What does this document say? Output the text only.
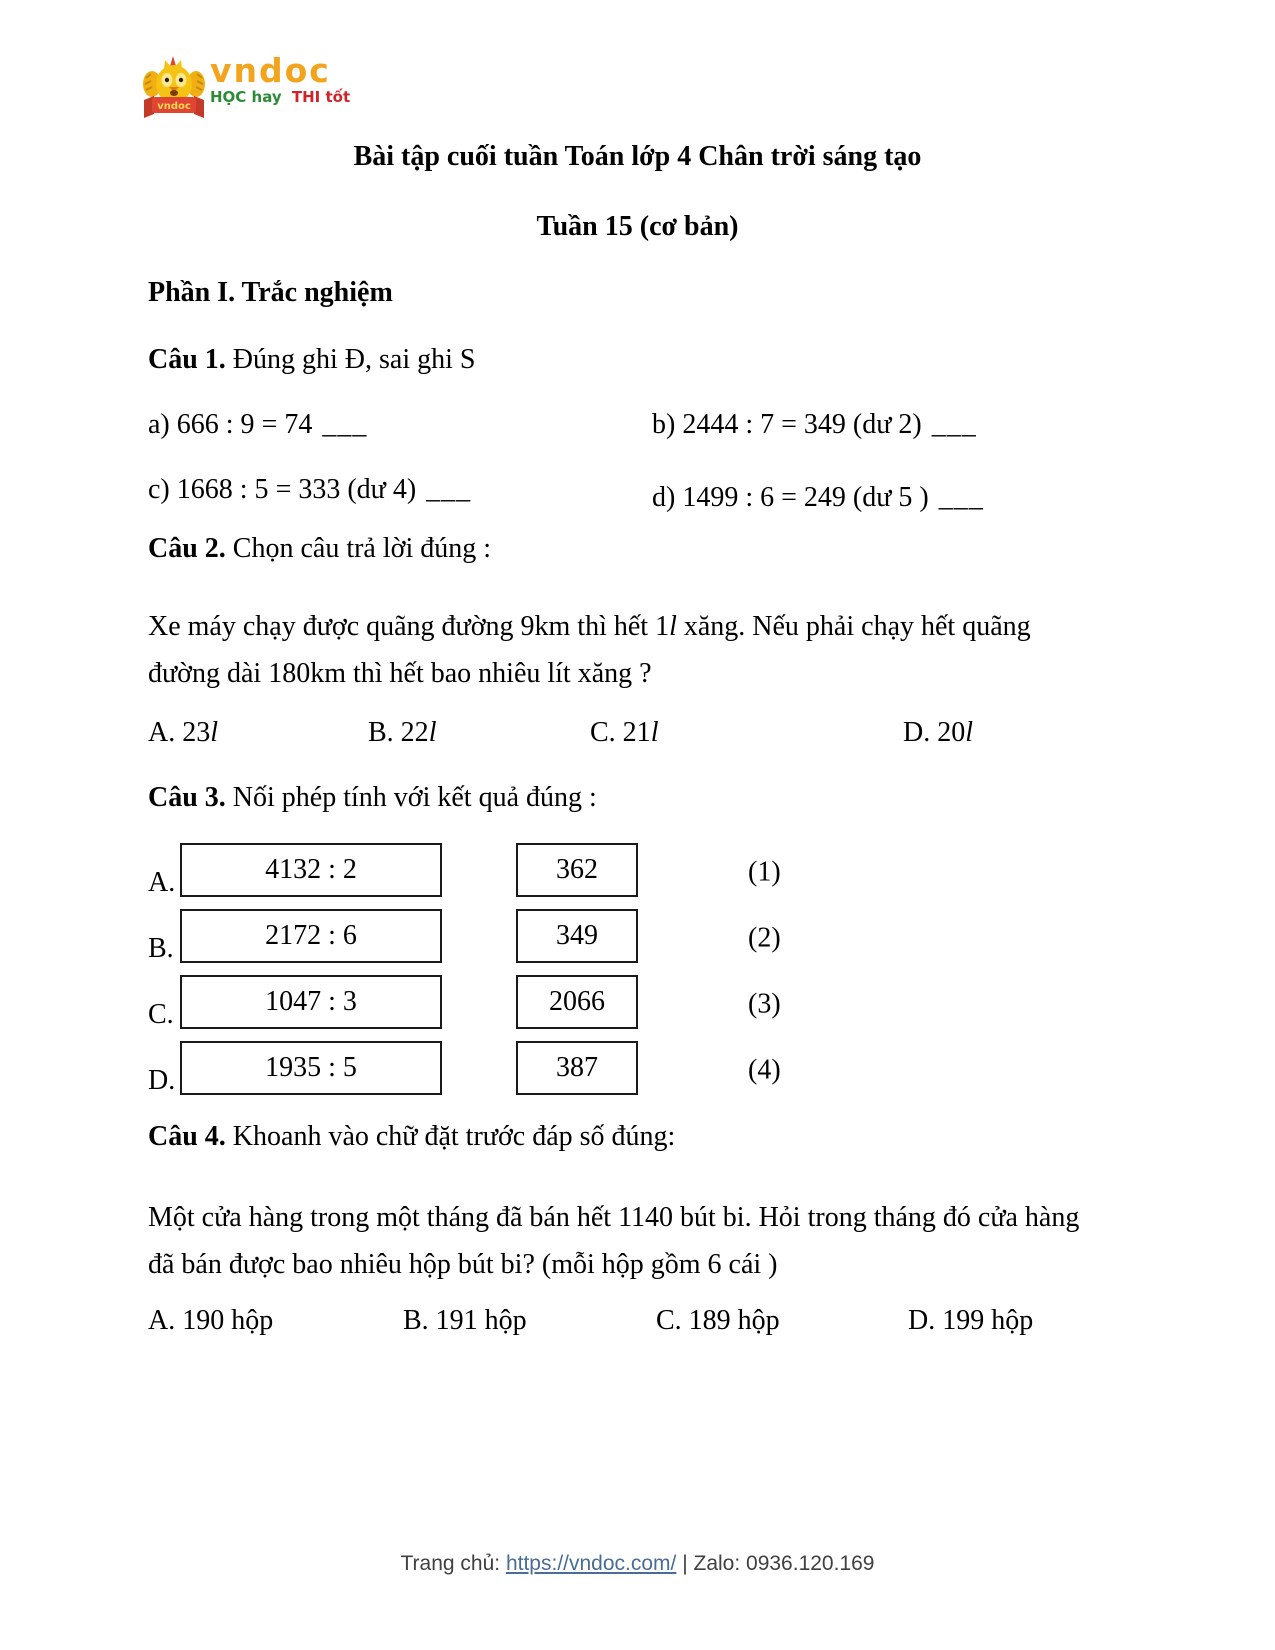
vndoc
vndoc
HỌC hay THI tốt
Bài tập cuối tuần Toán lớp 4 Chân trời sáng tạo
Tuần 15 (cơ bản)
Phần I. Trắc nghiệm
Câu 1. Đúng ghi Đ, sai ghi S
a) 666 : 9 = 74 ___	b) 2444 : 7 = 349 (dư 2) ___
c) 1668 : 5 = 333 (dư 4) ___	d) 1499 : 6 = 249 (dư 5 ) ___
Câu 2. Chọn câu trả lời đúng :
Xe máy chạy được quãng đường 9km thì hết 1l xăng. Nếu phải chạy hết quãng đường dài 180km thì hết bao nhiêu lít xăng ?
A. 23l	B. 22l	C. 21l	D. 20l
Câu 3. Nối phép tính với kết quả đúng :
A.	4132 : 2	362	(1)
B.	2172 : 6	349	(2)
C.	1047 : 3	2066	(3)
D.	1935 : 5	387	(4)
Câu 4. Khoanh vào chữ đặt trước đáp số đúng:
Một cửa hàng trong một tháng đã bán hết 1140 bút bi. Hỏi trong tháng đó cửa hàng đã bán được bao nhiêu hộp bút bi? (mỗi hộp gồm 6 cái )
A. 190 hộp	B. 191 hộp	C. 189 hộp	D. 199 hộp
Trang chủ: https://vndoc.com/ | Zalo: 0936.120.169
